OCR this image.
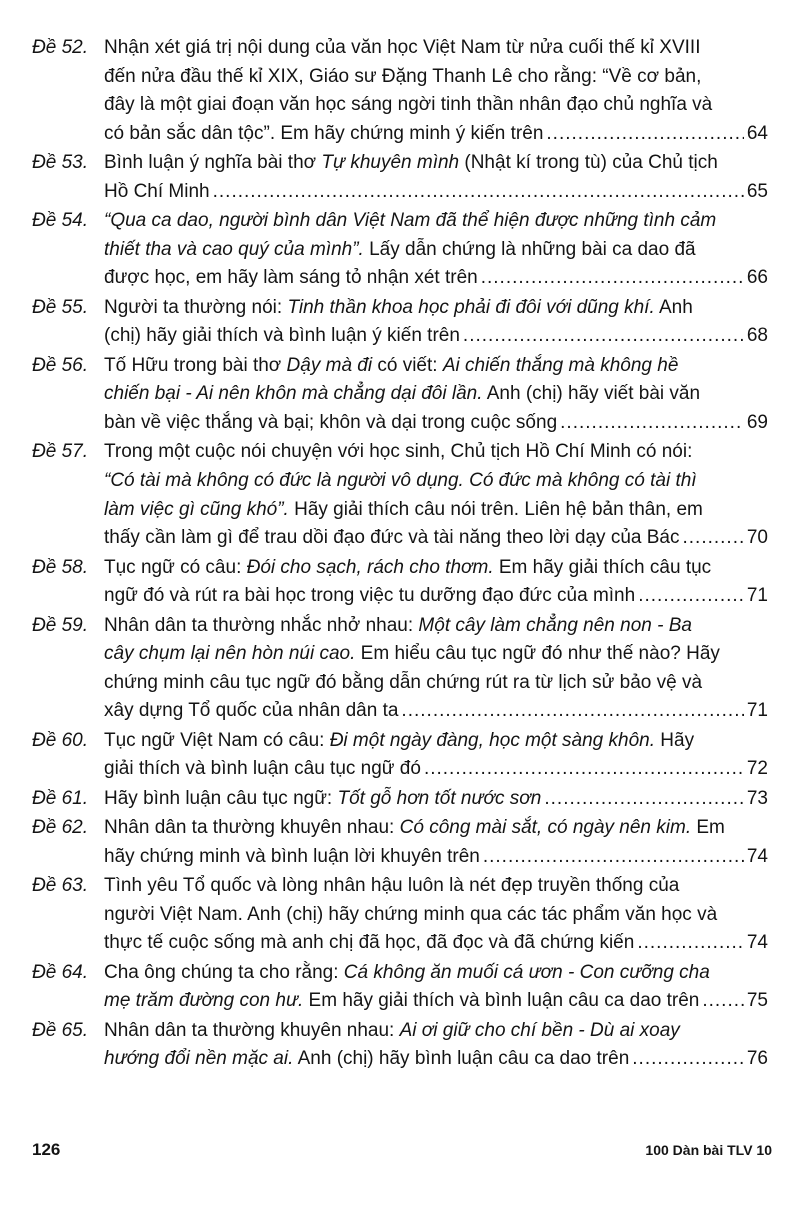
Đề 52. Nhận xét giá trị nội dung của văn học Việt Nam từ nửa cuối thế kỉ XVIII
đến nửa đầu thế kỉ XIX, Giáo sư Đặng Thanh Lê cho rằng: “Về cơ bản,
đây là một giai đoạn văn học sáng ngời tinh thần nhân đạo chủ nghĩa và
có bản sắc dân tộc”. Em hãy chứng minh ý kiến trên .....	64
Đề 53. Bình luận ý nghĩa bài thơ Tự khuyên mình (Nhật kí trong tù) của Chủ tịch
Hồ Chí Minh .....	65
Đề 54. “Qua ca dao, người bình dân Việt Nam đã thể hiện được những tình cảm
thiết tha và cao quý của mình”. Lấy dẫn chứng là những bài ca dao đã
được học, em hãy làm sáng tỏ nhận xét trên .....	66
Đề 55. Người ta thường nói: Tinh thần khoa học phải đi đôi với dũng khí. Anh
(chị) hãy giải thích và bình luận ý kiến trên .....	68
Đề 56. Tố Hữu trong bài thơ Dậy mà đi có viết: Ai chiến thắng mà không hề
chiến bại - Ai nên khôn mà chẳng dại đôi lần. Anh (chị) hãy viết bài văn
bàn về việc thắng và bại; khôn và dại trong cuộc sống .....	69
Đề 57. Trong một cuộc nói chuyện với học sinh, Chủ tịch Hồ Chí Minh có nói:
“Có tài mà không có đức là người vô dụng. Có đức mà không có tài thì
làm việc gì cũng khó”. Hãy giải thích câu nói trên. Liên hệ bản thân, em
thấy cần làm gì để trau dồi đạo đức và tài năng theo lời dạy của Bác .....	70
Đề 58. Tục ngữ có câu: Đói cho sạch, rách cho thơm. Em hãy giải thích câu tục
ngữ đó và rút ra bài học trong việc tu dưỡng đạo đức của mình .....	71
Đề 59. Nhân dân ta thường nhắc nhở nhau: Một cây làm chẳng nên non - Ba
cây chụm lại nên hòn núi cao. Em hiểu câu tục ngữ đó như thế nào? Hãy
chứng minh câu tục ngữ đó bằng dẫn chứng rút ra từ lịch sử bảo vệ và
xây dựng Tổ quốc của nhân dân ta .....	71
Đề 60. Tục ngữ Việt Nam có câu: Đi một ngày đàng, học một sàng khôn. Hãy
giải thích và bình luận câu tục ngữ đó .....	72
Đề 61. Hãy bình luận câu tục ngữ: Tốt gỗ hơn tốt nước sơn .....	73
Đề 62. Nhân dân ta thường khuyên nhau: Có công mài sắt, có ngày nên kim. Em
hãy chứng minh và bình luận lời khuyên trên .....	74
Đề 63. Tình yêu Tổ quốc và lòng nhân hậu luôn là nét đẹp truyền thống của
người Việt Nam. Anh (chị) hãy chứng minh qua các tác phẩm văn học và
thực tế cuộc sống mà anh chị đã học, đã đọc và đã chứng kiến .....	74
Đề 64. Cha ông chúng ta cho rằng: Cá không ăn muối cá ươn - Con cưỡng cha
mẹ trăm đường con hư. Em hãy giải thích và bình luận câu ca dao trên .....	75
Đề 65. Nhân dân ta thường khuyên nhau: Ai ơi giữ cho chí bền - Dù ai xoay
hướng đổi nền mặc ai. Anh (chị) hãy bình luận câu ca dao trên .....	76
126	100 Dàn bài TLV 10
